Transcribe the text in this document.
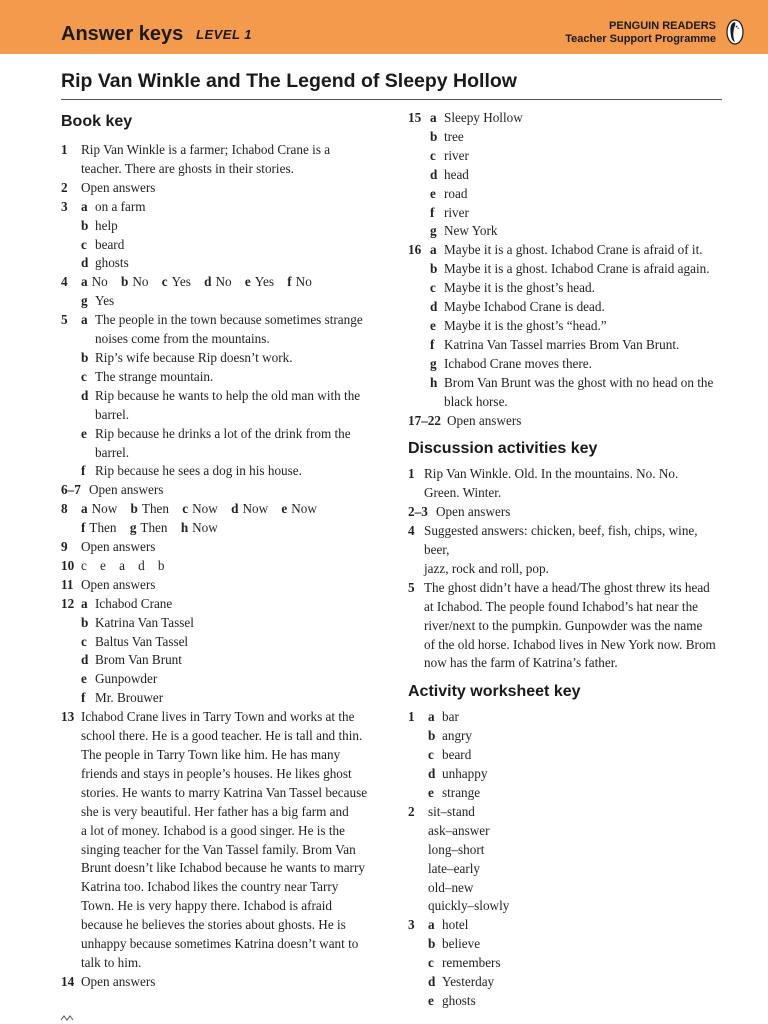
Answer keys LEVEL 1
PENGUIN READERS
Teacher Support Programme
Rip Van Winkle and The Legend of Sleepy Hollow
Book key
1	Rip Van Winkle is a farmer; Ichabod Crane is a
teacher. There are ghosts in their stories.
2	Open answers
3	a on a farm
b help
c beard
d ghosts
4	a No b No c Yes d No e Yes f No
g Yes
5	a The people in the town because sometimes strange
noises come from the mountains.
b Rip’s wife because Rip doesn’t work.
c The strange mountain.
d Rip because he wants to help the old man with the
barrel.
e Rip because he drinks a lot of the drink from the
barrel.
f Rip because he sees a dog in his house.
6–7 Open answers
8	a Now b Then c Now d Now e Now
f Then g Then h Now
9	Open answers
10 c    e    a    d    b
11 Open answers
12 a Ichabod Crane
b Katrina Van Tassel
c Baltus Van Tassel
d Brom Van Brunt
e Gunpowder
f Mr. Brouwer
13 Ichabod Crane lives in Tarry Town and works at the
school there. He is a good teacher. He is tall and thin.
The people in Tarry Town like him. He has many
friends and stays in people’s houses. He likes ghost
stories. He wants to marry Katrina Van Tassel because
she is very beautiful. Her father has a big farm and
a lot of money. Ichabod is a good singer. He is the
singing teacher for the Van Tassel family. Brom Van
Brunt doesn’t like Ichabod because he wants to marry
Katrina too. Ichabod likes the country near Tarry
Town. He is very happy there. Ichabod is afraid
because he believes the stories about ghosts. He is
unhappy because sometimes Katrina doesn’t want to
talk to him.
14 Open answers
15 a Sleepy Hollow
b tree
c river
d head
e road
f river
g New York
16 a Maybe it is a ghost. Ichabod Crane is afraid of it.
b Maybe it is a ghost. Ichabod Crane is afraid again.
c Maybe it is the ghost’s head.
d Maybe Ichabod Crane is dead.
e Maybe it is the ghost’s “head.”
f Katrina Van Tassel marries Brom Van Brunt.
g Ichabod Crane moves there.
h Brom Van Brunt was the ghost with no head on the
black horse.
17–22 Open answers
Discussion activities key
1 Rip Van Winkle. Old. In the mountains. No. No.
Green. Winter.
2–3 Open answers
4 Suggested answers: chicken, beef, fish, chips, wine, beer,
jazz, rock and roll, pop.
5 The ghost didn’t have a head/The ghost threw its head
at Ichabod. The people found Ichabod’s hat near the
river/next to the pumpkin. Gunpowder was the name
of the old horse. Ichabod lives in New York now. Brom
now has the farm of Katrina’s father.
Activity worksheet key
1	a bar
b angry
c beard
d unhappy
e strange
2	sit–stand
ask–answer
long–short
late–early
old–new
quickly–slowly
3	a hotel
b believe
c remembers
d Yesterday
e ghosts
